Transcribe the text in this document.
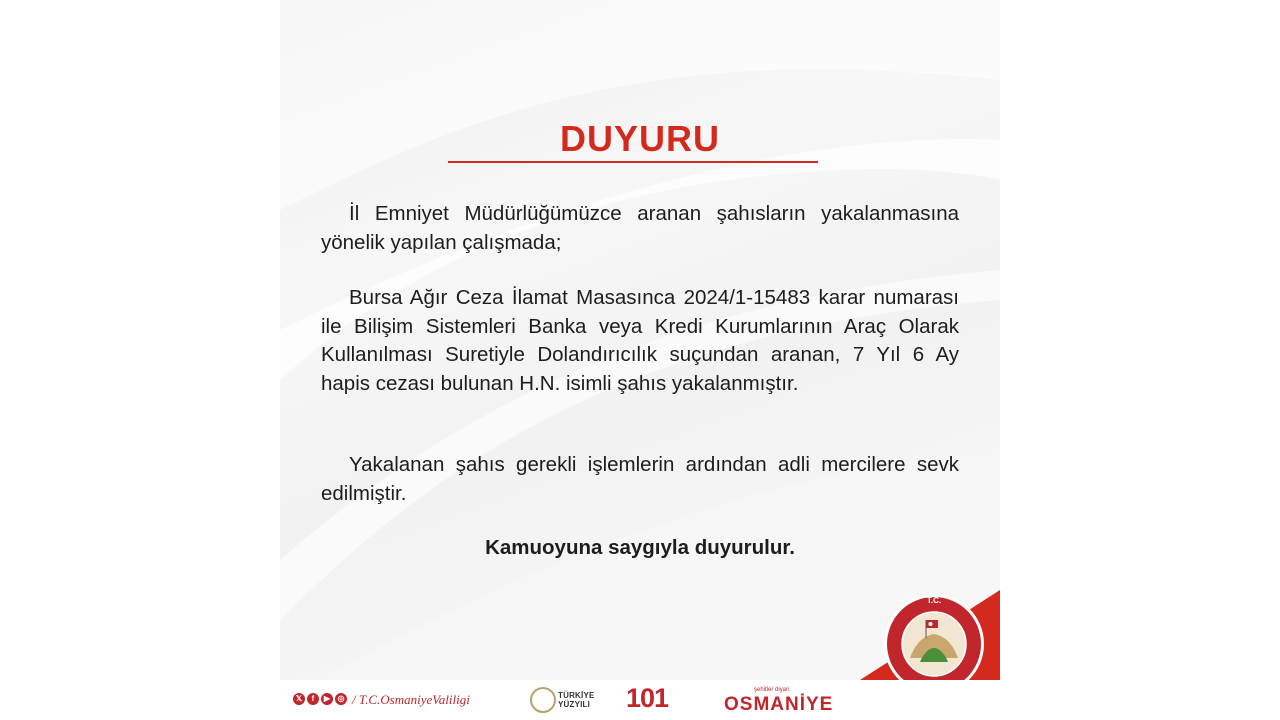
DUYURU

İl Emniyet Müdürlüğümüzce aranan şahısların yakalanmasına yönelik yapılan çalışmada;

Bursa Ağır Ceza İlamat Masasınca 2024/1-15483 karar numarası ile Bilişim Sistemleri Banka veya Kredi Kurumlarının Araç Olarak Kullanılması Suretiyle Dolandırıcılık suçundan aranan, 7 Yıl 6 Ay hapis cezası bulunan H.N. isimli şahıs yakalanmıştır.

Yakalanan şahıs gerekli işlemlerin ardından adli mercilere sevk edilmiştir.

Kamuoyuna saygıyla duyurulur.
T.C.
𝕏	f	▶ ◎ / T.C.OsmaniyeValiligi	TÜRKİYE
YÜZYILI 101	şehitler diyarı
OSMANİYE
